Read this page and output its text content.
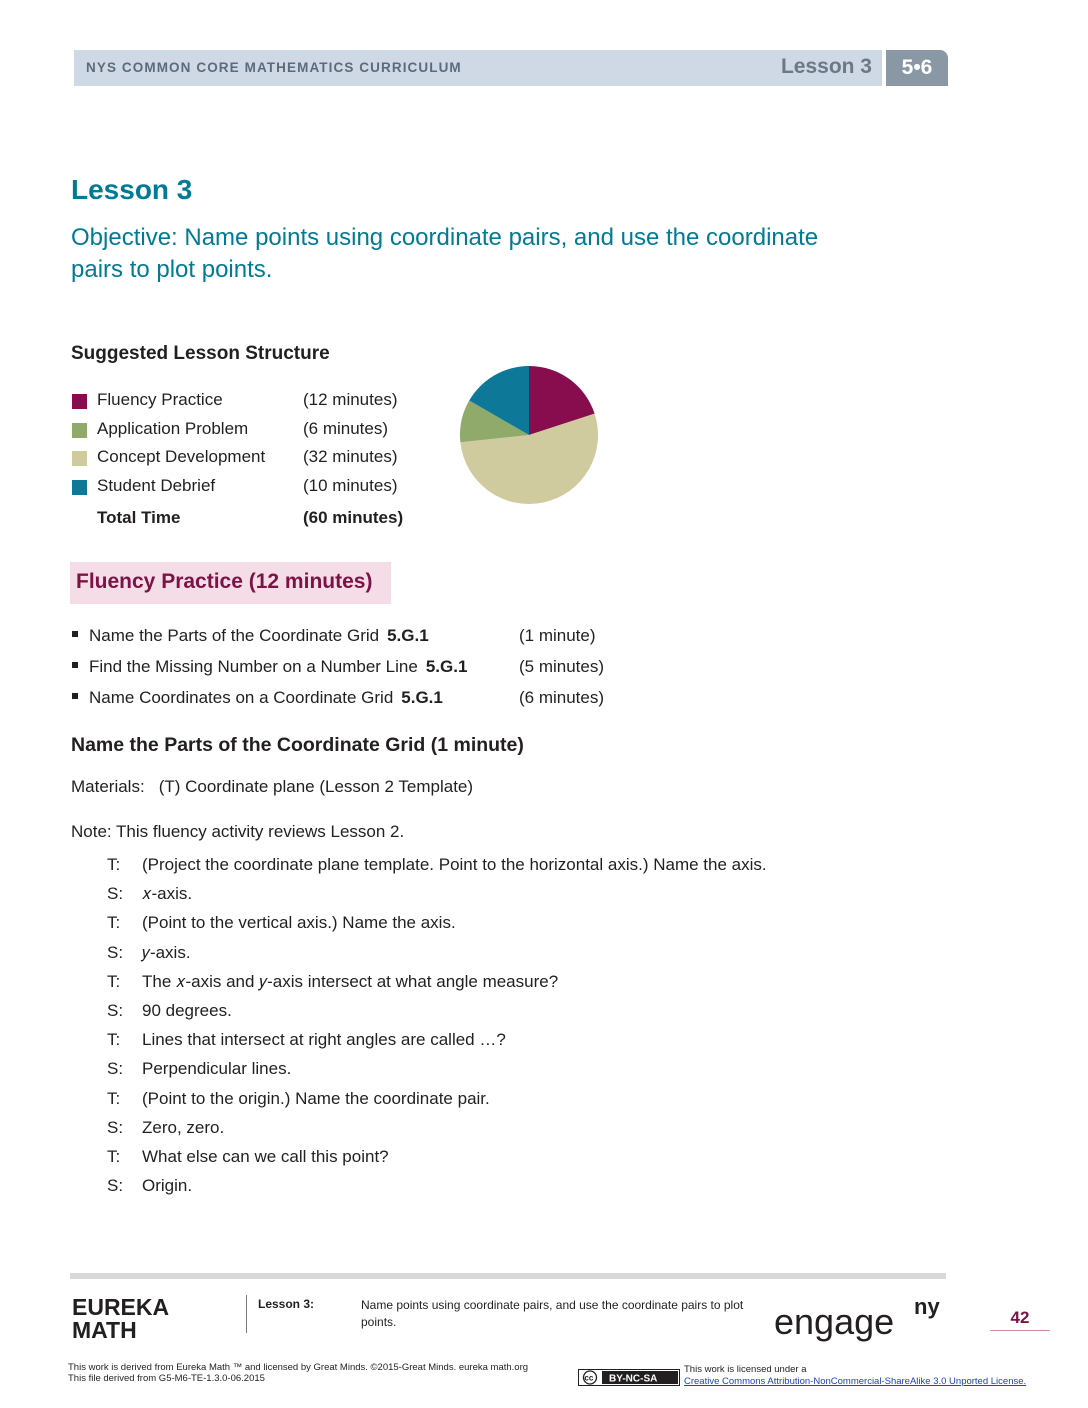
NYS COMMON CORE MATHEMATICS CURRICULUM	Lesson 3	5•6
Lesson 3
Objective: Name points using coordinate pairs, and use the coordinate
pairs to plot points.
Suggested Lesson Structure
Fluency Practice	(12 minutes)
Application Problem	(6 minutes)
Concept Development (32 minutes)
Student Debrief	(10 minutes)
Total Time	(60 minutes)
Fluency Practice (12 minutes)
Name the Parts of the Coordinate Grid 5.G.1	(1 minute)
Find the Missing Number on a Number Line 5.G.1	(5 minutes)
Name Coordinates on a Coordinate Grid 5.G.1	(6 minutes)
Name the Parts of the Coordinate Grid (1 minute)
Materials: (T) Coordinate plane (Lesson 2 Template)
Note: This fluency activity reviews Lesson 2.
T: (Project the coordinate plane template. Point to the horizontal axis.) Name the axis.
S: 𝑥-axis.
T: (Point to the vertical axis.) Name the axis.
S: 𝑦-axis.
T: The 𝑥-axis and 𝑦-axis intersect at what angle measure?
S: 90 degrees.
T: Lines that intersect at right angles are called …?
S: Perpendicular lines.
T: (Point to the origin.) Name the coordinate pair.
S: Zero, zero.
T: What else can we call this point?
S: Origin.
EUREKA
MATH
Lesson 3:	Name points using coordinate pairs, and use the coordinate pairs to plot points.	engage ny	42
This work is derived from Eureka Math ™ and licensed by Great Minds. ©2015-Great Minds. eureka math.org
This file derived from G5-M6-TE-1.3.0-06.2015	cc BY-NC-SA
This work is licensed under a
Creative Commons Attribution-NonCommercial-ShareAlike 3.0 Unported License.
